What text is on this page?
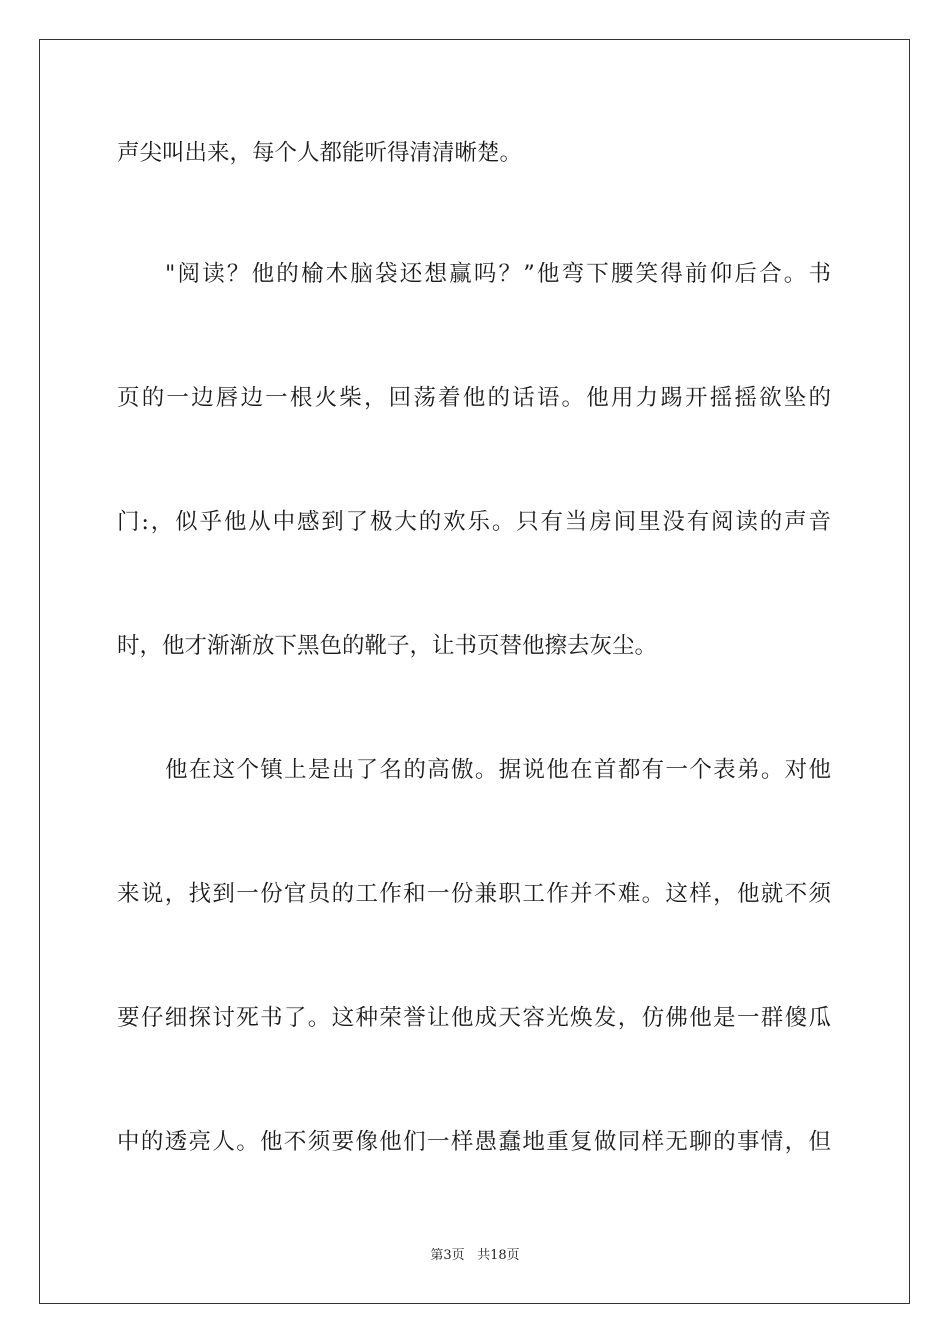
声尖叫出来，每个人都能听得清清晰楚。
"阅读？他的榆木脑袋还想赢吗？”他弯下腰笑得前仰后合。书
页的一边唇边一根火柴，回荡着他的话语。他用力踢开摇摇欲坠的
门:，似乎他从中感到了极大的欢乐。只有当房间里没有阅读的声音
时，他才渐渐放下黑色的靴子，让书页替他擦去灰尘。
他在这个镇上是出了名的高傲。据说他在首都有一个表弟。对他
来说，找到一份官员的工作和一份兼职工作并不难。这样，他就不须
要仔细探讨死书了。这种荣誉让他成天容光焕发，仿佛他是一群傻瓜
中的透亮人。他不须要像他们一样愚蠢地重复做同样无聊的事情，但
第3页 共18页
